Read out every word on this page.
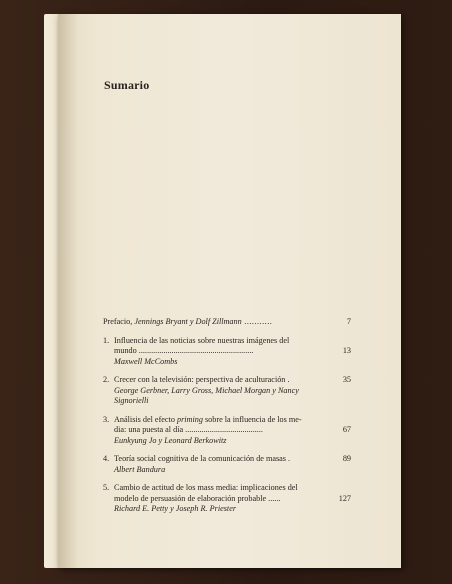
Sumario
Prefacio, Jennings Bryant y Dolf Zillmann ...........	7
1. Influencia de las noticias sobre nuestras imágenes del
mundo ........................................................	13
Maxwell McCombs
2. Crecer con la televisión: perspectiva de aculturación .	35
George Gerbner, Larry Gross, Michael Morgan y Nancy Signorielli
3. Análisis del efecto priming sobre la influencia de los me-
dia: una puesta al día ......................................	67
Eunkyung Jo y Leonard Berkowitz
4. Teoría social cognitiva de la comunicación de masas .	89
Albert Bandura
5. Cambio de actitud de los mass media: implicaciones del
modelo de persuasión de elaboración probable ......	127
Richard E. Petty y Joseph R. Priester
